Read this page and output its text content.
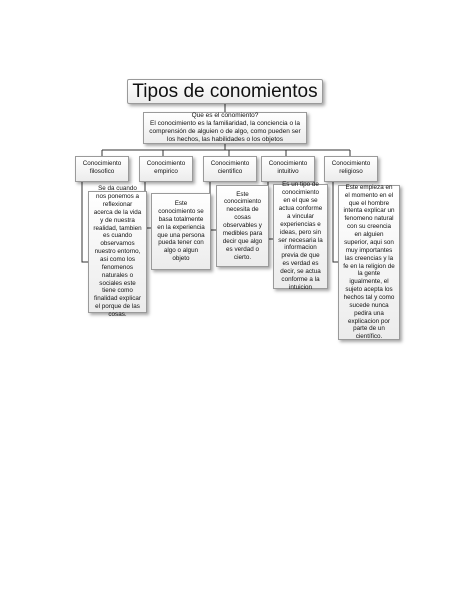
Tipos de conomientos
Que es el conomiento?
El conocimiento es la familiaridad, la conciencia o la comprensión de alguien o de algo, como pueden ser los hechos, las habilidades o los objetos
Conocimiento filosofico
Conocimiento empirico
Conocimiento cientifico
Conocimiento intuitivo
Conocimiento religioso
Se da cuando nos ponemos a reflexionar acerca de la vida y de nuestra realidad, tambien es cuando observamos nuestro entorno, asi como los fenomenos naturales o sociales este tiene como finalidad explicar el porque de las cosas.
Este conocimiento se basa totalmente en la experiencia que una persona pueda tener con algo o algun objeto
Este conocimiento necesita de cosas observables y medibles para decir que algo es verdad o cierto.
Es un tipo de conocimiento en el que se actua conforme a vincular experiencias e ideas, pero sin ser necesaria la informacion previa de que es verdad es decir, se actua conforme a la intuicion
Este empieza en el momento en el que el hombre intenta explicar un fenomeno natural con su creencia en alguien superior, aqui son muy importantes las creencias y la fe en la religion de la gente igualmente, el sujeto acepta los hechos tal y como sucede nunca pedira una explicacion por parte de un científico.
